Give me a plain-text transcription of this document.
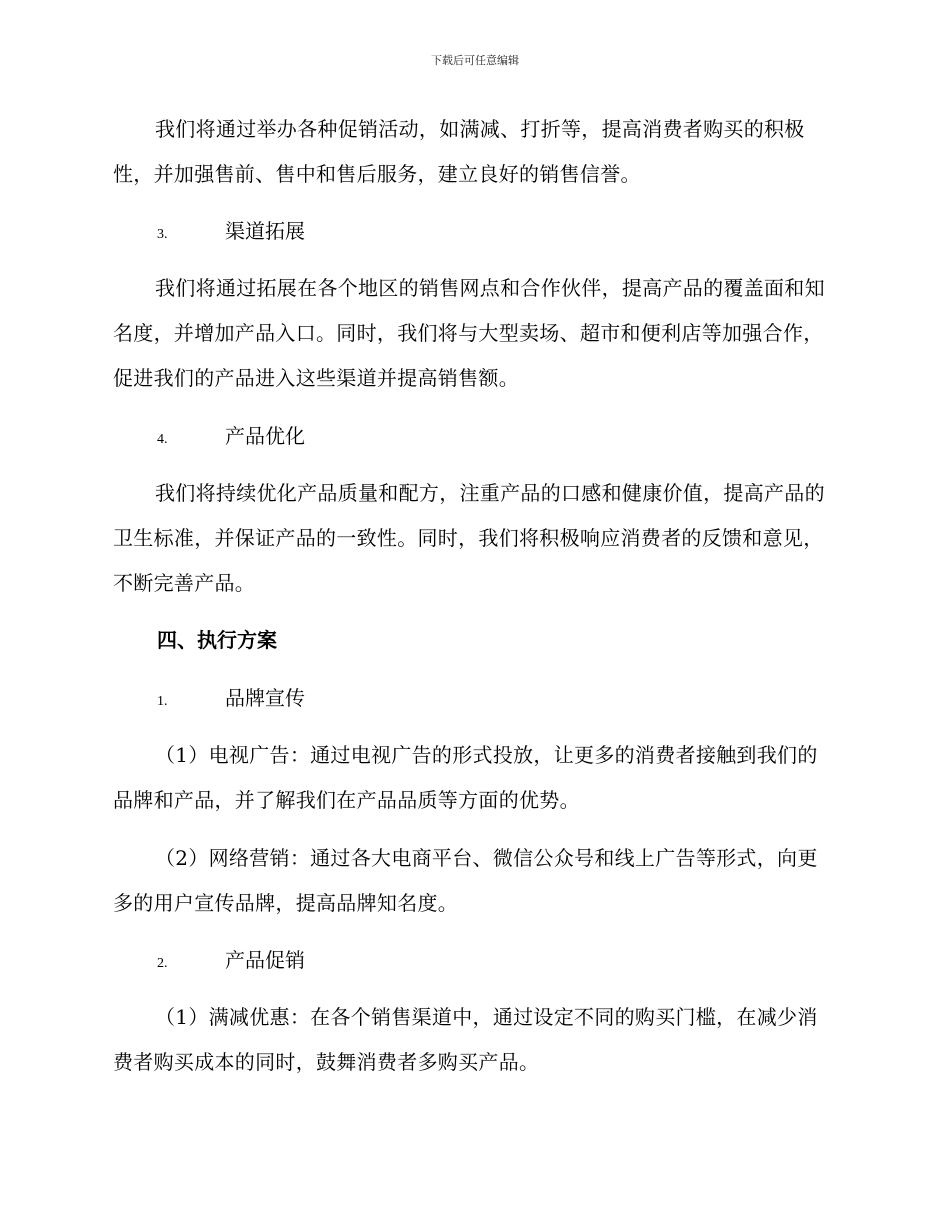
下载后可任意编辑

我们将通过举办各种促销活动，如满减、打折等，提高消费者购买的积极性，并加强售前、售中和售后服务，建立良好的销售信誉。

3.	渠道拓展

我们将通过拓展在各个地区的销售网点和合作伙伴，提高产品的覆盖面和知名度，并增加产品入口。同时，我们将与大型卖场、超市和便利店等加强合作，促进我们的产品进入这些渠道并提高销售额。

4.	产品优化

我们将持续优化产品质量和配方，注重产品的口感和健康价值，提高产品的卫生标准，并保证产品的一致性。同时，我们将积极响应消费者的反馈和意见，不断完善产品。

四、执行方案
1.	品牌宣传

（1）电视广告：通过电视广告的形式投放，让更多的消费者接触到我们的品牌和产品，并了解我们在产品品质等方面的优势。

（2）网络营销：通过各大电商平台、微信公众号和线上广告等形式，向更多的用户宣传品牌，提高品牌知名度。

2.	产品促销

（1）满减优惠：在各个销售渠道中，通过设定不同的购买门槛，在减少消费者购买成本的同时，鼓舞消费者多购买产品。
